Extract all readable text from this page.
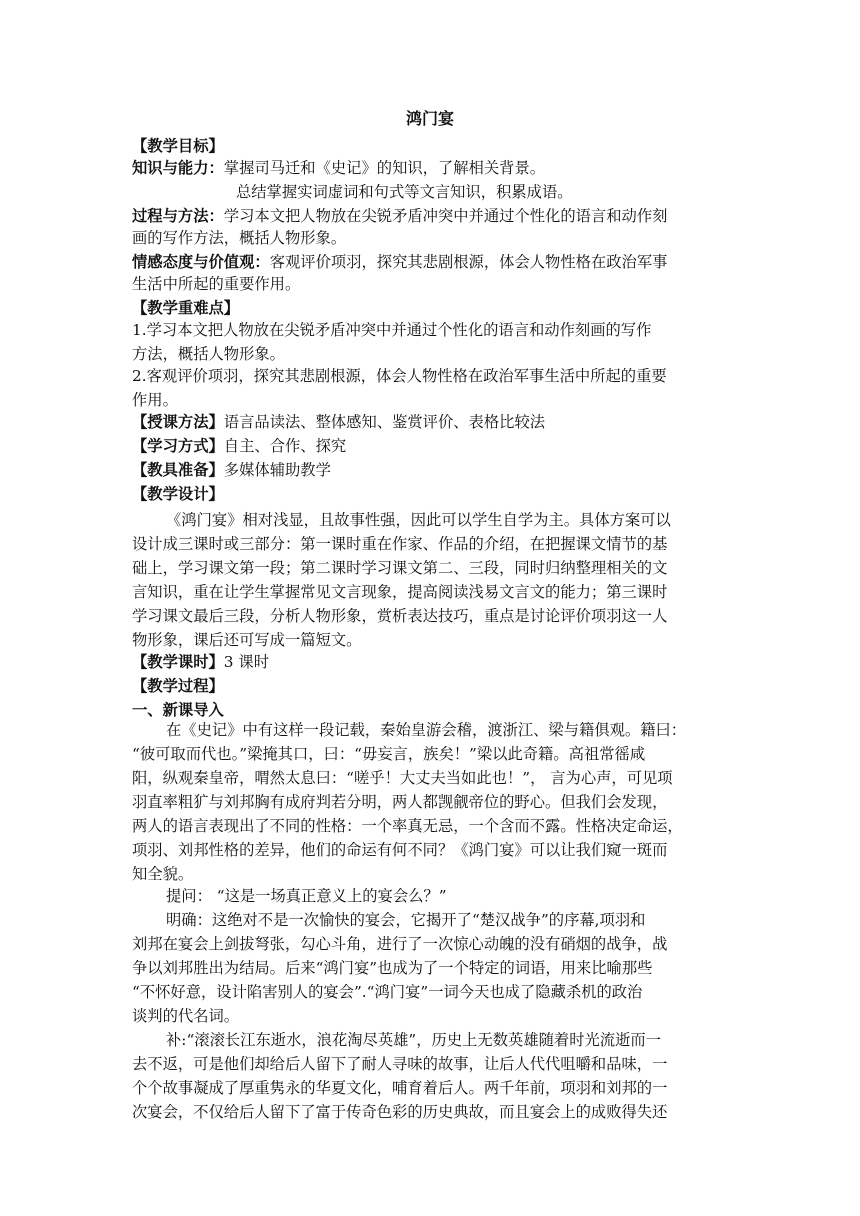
鸿门宴
【教学目标】
知识与能力：掌握司马迁和《史记》的知识，了解相关背景。
总结掌握实词虚词和句式等文言知识，积累成语。
过程与方法：学习本文把人物放在尖锐矛盾冲突中并通过个性化的语言和动作刻
画的写作方法，概括人物形象。
情感态度与价值观：客观评价项羽，探究其悲剧根源，体会人物性格在政治军事
生活中所起的重要作用。
【教学重难点】
1.学习本文把人物放在尖锐矛盾冲突中并通过个性化的语言和动作刻画的写作
方法，概括人物形象。
2.客观评价项羽，探究其悲剧根源，体会人物性格在政治军事生活中所起的重要
作用。
【授课方法】语言品读法、整体感知、鉴赏评价、表格比较法
【学习方式】自主、合作、探究
【教具准备】多媒体辅助教学
【教学设计】
《鸿门宴》相对浅显，且故事性强，因此可以学生自学为主。具体方案可以
设计成三课时或三部分：第一课时重在作家、作品的介绍，在把握课文情节的基
础上，学习课文第一段；第二课时学习课文第二、三段，同时归纳整理相关的文
言知识，重在让学生掌握常见文言现象，提高阅读浅易文言文的能力；第三课时
学习课文最后三段，分析人物形象，赏析表达技巧，重点是讨论评价项羽这一人
物形象，课后还可写成一篇短文。
【教学课时】3 课时
【教学过程】
一、新课导入
在《史记》中有这样一段记载，秦始皇游会稽，渡浙江、梁与籍俱观。籍曰：
“彼可取而代也。”梁掩其口，曰：“毋妄言，族矣！”梁以此奇籍。高祖常徭咸
阳，纵观秦皇帝，喟然太息曰：“嗟乎！大丈夫当如此也！”， 言为心声，可见项
羽直率粗犷与刘邦胸有成府判若分明，两人都觊觎帝位的野心。但我们会发现，
两人的语言表现出了不同的性格：一个率真无忌，一个含而不露。性格决定命运，
项羽、刘邦性格的差异，他们的命运有何不同？《鸿门宴》可以让我们窥一斑而
知全貌。
提问： “这是一场真正意义上的宴会么？”
明确：这绝对不是一次愉快的宴会，它揭开了“楚汉战争”的序幕,项羽和
刘邦在宴会上剑拔弩张，勾心斗角，进行了一次惊心动魄的没有硝烟的战争，战
争以刘邦胜出为结局。后来“鸿门宴”也成为了一个特定的词语，用来比喻那些
“不怀好意，设计陷害别人的宴会”.“鸿门宴”一词今天也成了隐藏杀机的政治
谈判的代名词。
补:“滚滚长江东逝水，浪花淘尽英雄”，历史上无数英雄随着时光流逝而一
去不返，可是他们却给后人留下了耐人寻味的故事，让后人代代咀嚼和品味，一
个个故事凝成了厚重隽永的华夏文化，哺育着后人。两千年前，项羽和刘邦的一
次宴会，不仅给后人留下了富于传奇色彩的历史典故，而且宴会上的成败得失还
